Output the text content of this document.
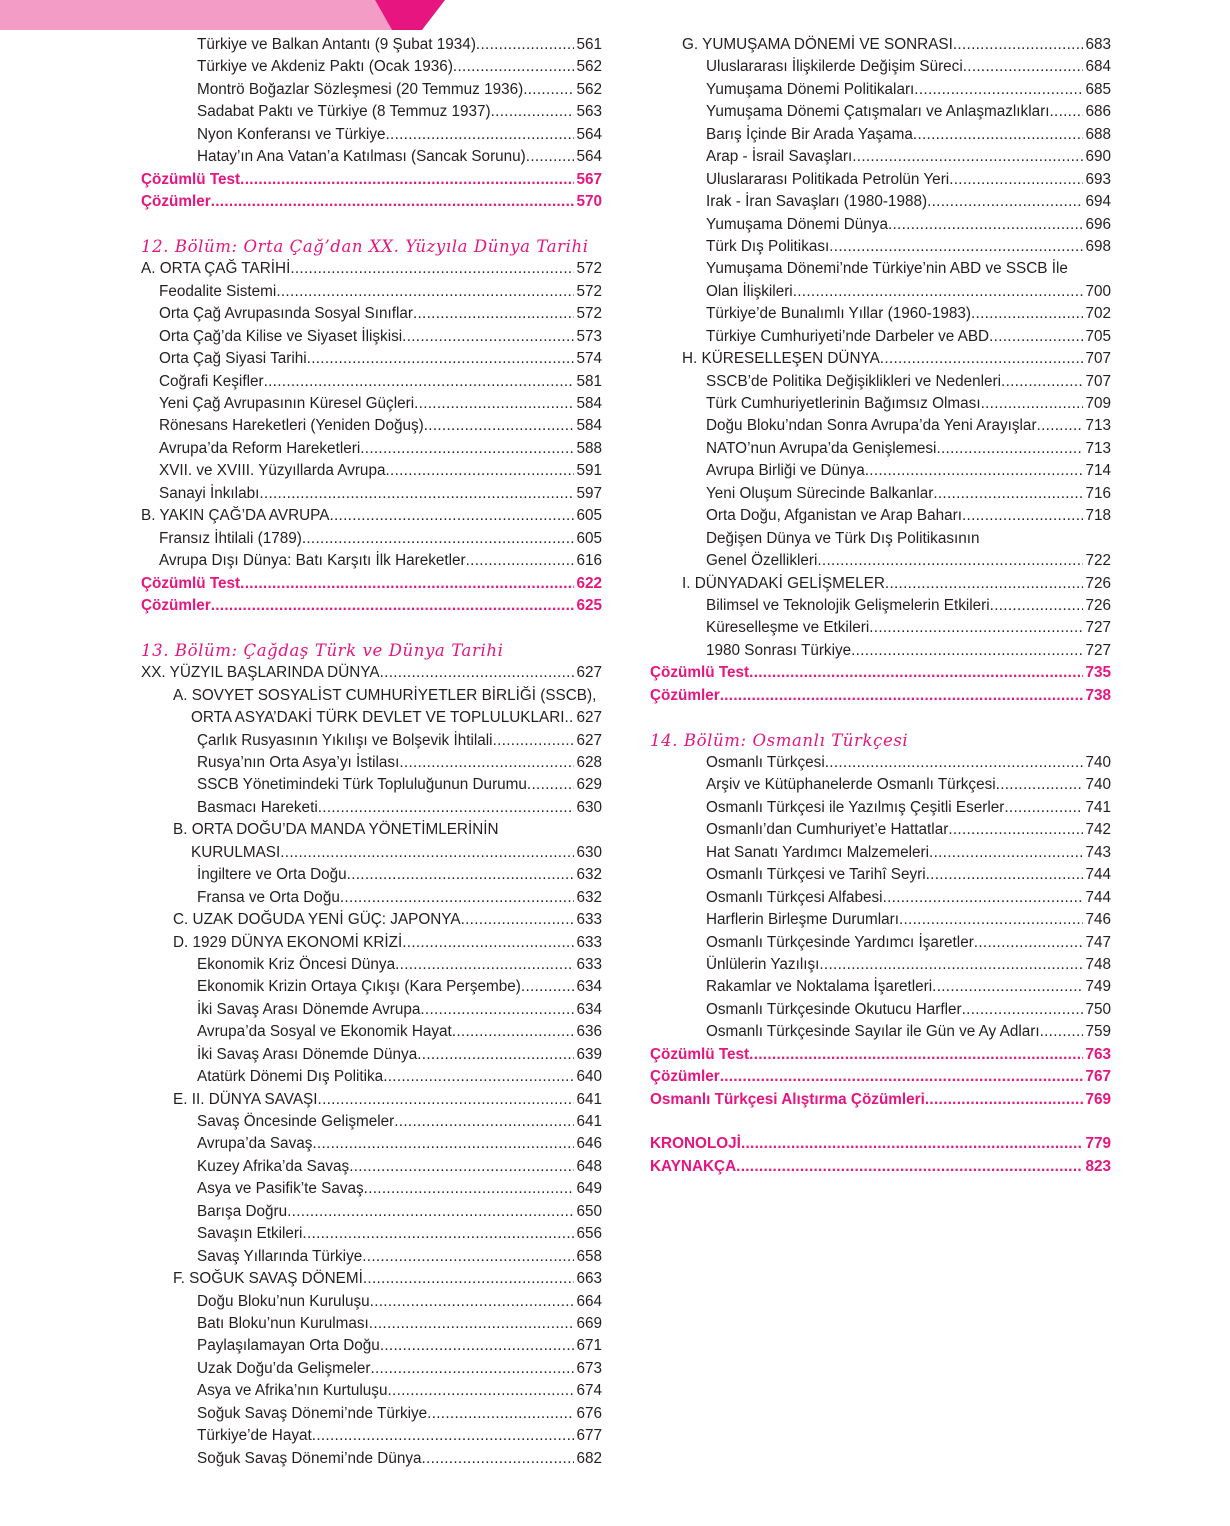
Türkiye ve Balkan Antantı (9 Şubat 1934) .....	561
Türkiye ve Akdeniz Paktı (Ocak 1936) .....	562
Montrö Boğazlar Sözleşmesi (20 Temmuz 1936) .....	562
Sadabat Paktı ve Türkiye (8 Temmuz 1937) .....	563
Nyon Konferansı ve Türkiye .....	564
Hatay’ın Ana Vatan’a Katılması (Sancak Sorunu) .....	564
Çözümlü Test .....	567
Çözümler .....	570
12. Bölüm: Orta Çağ’dan XX. Yüzyıla Dünya Tarihi
A. ORTA ÇAĞ TARİHİ .....	572
Feodalite Sistemi .....	572
Orta Çağ Avrupasında Sosyal Sınıflar .....	572
Orta Çağ’da Kilise ve Siyaset İlişkisi .....	573
Orta Çağ Siyasi Tarihi .....	574
Coğrafi Keşifler .....	581
Yeni Çağ Avrupasının Küresel Güçleri .....	584
Rönesans Hareketleri (Yeniden Doğuş) .....	584
Avrupa’da Reform Hareketleri .....	588
XVII. ve XVIII. Yüzyıllarda Avrupa .....	591
Sanayi İnkılabı .....	597
B. YAKIN ÇAĞ’DA AVRUPA .....	605
Fransız İhtilali (1789) .....	605
Avrupa Dışı Dünya: Batı Karşıtı İlk Hareketler .....	616
Çözümlü Test .....	622
Çözümler .....	625
13. Bölüm: Çağdaş Türk ve Dünya Tarihi
XX. YÜZYIL BAŞLARINDA DÜNYA .....	627
A. SOVYET SOSYALİST CUMHURİYETLER BİRLİĞİ (SSCB),
ORTA ASYA’DAKİ TÜRK DEVLET VE TOPLULUKLARI ..... 627
Çarlık Rusyasının Yıkılışı ve Bolşevik İhtilali .....	627
Rusya’nın Orta Asya’yı İstilası .....	628
SSCB Yönetimindeki Türk Topluluğunun Durumu .....	629
Basmacı Hareketi .....	630
B. ORTA DOĞU’DA MANDA YÖNETİMLERİNİN
KURULMASI .....	630
İngiltere ve Orta Doğu .....	632
Fransa ve Orta Doğu .....	632
C. UZAK DOĞUDA YENİ GÜÇ: JAPONYA .....	633
D. 1929 DÜNYA EKONOMİ KRİZİ .....	633
Ekonomik Kriz Öncesi Dünya .....	633
Ekonomik Krizin Ortaya Çıkışı (Kara Perşembe) .....	634
İki Savaş Arası Dönemde Avrupa .....	634
Avrupa’da Sosyal ve Ekonomik Hayat .....	636
İki Savaş Arası Dönemde Dünya .....	639
Atatürk Dönemi Dış Politika .....	640
E. II. DÜNYA SAVAŞI .....	641
Savaş Öncesinde Gelişmeler .....	641
Avrupa’da Savaş .....	646
Kuzey Afrika’da Savaş .....	648
Asya ve Pasifik’te Savaş .....	649
Barışa Doğru .....	650
Savaşın Etkileri .....	656
Savaş Yıllarında Türkiye .....	658
F. SOĞUK SAVAŞ DÖNEMİ .....	663
Doğu Bloku’nun Kuruluşu .....	664
Batı Bloku’nun Kurulması .....	669
Paylaşılamayan Orta Doğu .....	671
Uzak Doğu’da Gelişmeler .....	673
Asya ve Afrika’nın Kurtuluşu .....	674
Soğuk Savaş Dönemi’nde Türkiye .....	676
Türkiye’de Hayat .....	677
Soğuk Savaş Dönemi’nde Dünya .....	682
G. YUMUŞAMA DÖNEMİ VE SONRASI .....	683
Uluslararası İlişkilerde Değişim Süreci .....	684
Yumuşama Dönemi Politikaları .....	685
Yumuşama Dönemi Çatışmaları ve Anlaşmazlıkları ..... 686
Barış İçinde Bir Arada Yaşama .....	688
Arap - İsrail Savaşları .....	690
Uluslararası Politikada Petrolün Yeri .....	693
Irak - İran Savaşları (1980-1988) .....	694
Yumuşama Dönemi Dünya .....	696
Türk Dış Politikası .....	698
Yumuşama Dönemi’nde Türkiye’nin ABD ve SSCB İle
Olan İlişkileri .....	700
Türkiye’de Bunalımlı Yıllar (1960-1983) .....	702
Türkiye Cumhuriyeti’nde Darbeler ve ABD .....	705
H. KÜRESELLEŞEN DÜNYA .....	707
SSCB’de Politika Değişiklikleri ve Nedenleri .....	707
Türk Cumhuriyetlerinin Bağımsız Olması .....	709
Doğu Bloku’ndan Sonra Avrupa’da Yeni Arayışlar .....	713
NATO’nun Avrupa’da Genişlemesi .....	713
Avrupa Birliği ve Dünya .....	714
Yeni Oluşum Sürecinde Balkanlar .....	716
Orta Doğu, Afganistan ve Arap Baharı .....	718
Değişen Dünya ve Türk Dış Politikasının
Genel Özellikleri .....	722
I. DÜNYADAKİ GELİŞMELER .....	726
Bilimsel ve Teknolojik Gelişmelerin Etkileri .....	726
Küreselleşme ve Etkileri .....	727
1980 Sonrası Türkiye .....	727
Çözümlü Test .....	735
Çözümler .....	738
14. Bölüm: Osmanlı Türkçesi
Osmanlı Türkçesi .....	740
Arşiv ve Kütüphanelerde Osmanlı Türkçesi .....	740
Osmanlı Türkçesi ile Yazılmış Çeşitli Eserler .....	741
Osmanlı’dan Cumhuriyet’e Hattatlar .....	742
Hat Sanatı Yardımcı Malzemeleri .....	743
Osmanlı Türkçesi ve Tarihî Seyri .....	744
Osmanlı Türkçesi Alfabesi .....	744
Harflerin Birleşme Durumları .....	746
Osmanlı Türkçesinde Yardımcı İşaretler .....	747
Ünlülerin Yazılışı .....	748
Rakamlar ve Noktalama İşaretleri .....	749
Osmanlı Türkçesinde Okutucu Harfler .....	750
Osmanlı Türkçesinde Sayılar ile Gün ve Ay Adları .....	759
Çözümlü Test .....	763
Çözümler .....	767
Osmanlı Türkçesi Alıştırma Çözümleri .....	769
KRONOLOJİ .....	779
KAYNAKÇA .....	823
